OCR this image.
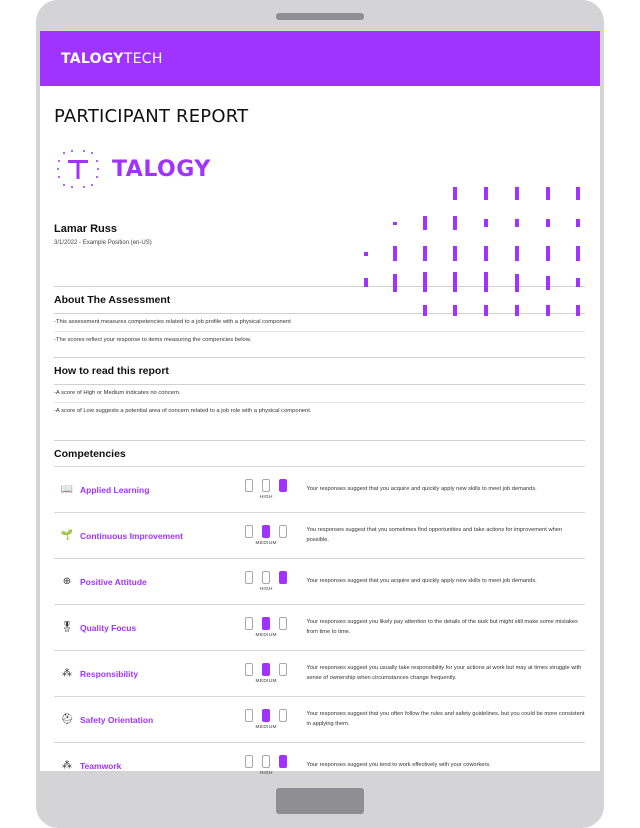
TALOGYTECH
PARTICIPANT REPORT
TALOGY
Lamar Russ
3/1/2022 - Example Position (en-US)
About The Assessment

-This assessment measures competencies related to a job profile with a physical component

-The scores reflect your response to items measuring the compencies below.

How to read this report

-A score of High or Medium indicates no concern.

-A score of Low suggests a potential area of concern related to a job role with a physical component.

Competencies
📖 Applied Learning
HIGH
Your responses suggest that you acquire and quickly apply new skills to meet job demands.
🌱 Continuous Improvement
MEDIUM
You responses suggest that you sometimes find opportunities and take actions for improvement when possible.
⊕	Positive Attitude
HIGH
Your responses suggest that you acquire and quickly apply new skills to meet job demands.
🎖 Quality Focus
MEDIUM
Your responses suggest you likely pay attention to the details of the task but might still make some mistakes from time to time.
⁂ Responsibility
MEDIUM
Your responses suggest you usually take responsibility for your actions at work but may at times struggle with sense of ownership when circumstances change frequently.
⛑ Safety Orientation
MEDIUM
Your responses suggest that you often follow the rules and safety guidelines, but you could be more consistent in applying them.
⁂ Teamwork
HIGH
Your responses suggest you tend to work effectively with your coworkers.
